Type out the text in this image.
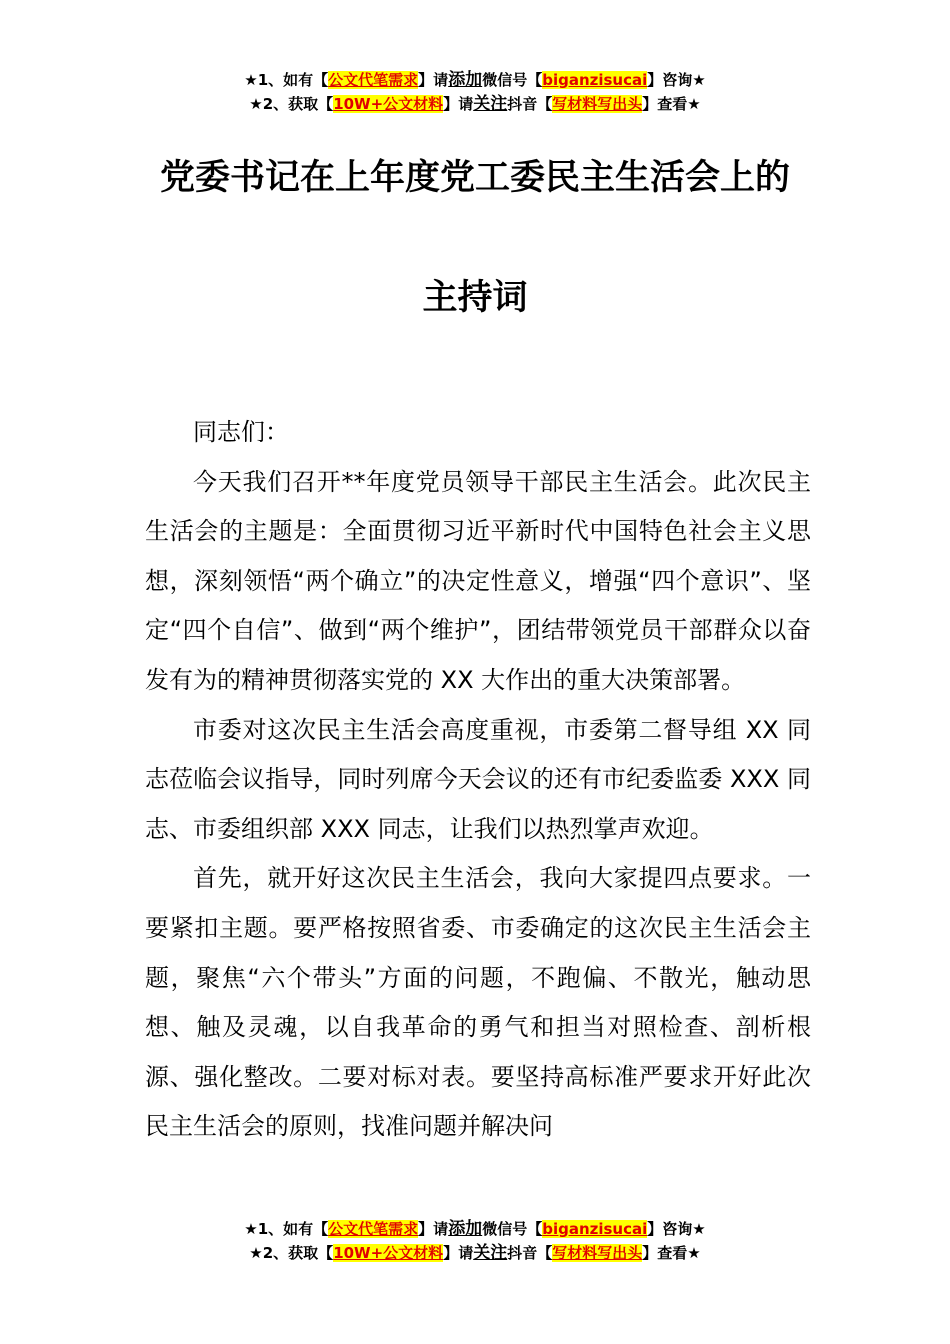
★1、如有【公文代笔需求】请添加微信号【biganzisucai】咨询★
★2、获取【10W+公文材料】请关注抖音【写材料写出头】查看★
党委书记在上年度党工委民主生活会上的
主持词

同志们：

今天我们召开**年度党员领导干部民主生活会。此次民主生活会的主题是：全面贯彻习近平新时代中国特色社会主义思想，深刻领悟“两个确立”的决定性意义，增强“四个意识”、坚定“四个自信”、做到“两个维护”，团结带领党员干部群众以奋发有为的精神贯彻落实党的 XX 大作出的重大决策部署。

市委对这次民主生活会高度重视，市委第二督导组 XX 同志莅临会议指导，同时列席今天会议的还有市纪委监委 XXX 同志、市委组织部 XXX 同志，让我们以热烈掌声欢迎。

首先，就开好这次民主生活会，我向大家提四点要求。一要紧扣主题。要严格按照省委、市委确定的这次民主生活会主题，聚焦“六个带头”方面的问题，不跑偏、不散光，触动思想、触及灵魂，以自我革命的勇气和担当对照检查、剖析根源、强化整改。二要对标对表。要坚持高标准严要求开好此次民主生活会的原则，找准问题并解决问

★1、如有【公文代笔需求】请添加微信号【biganzisucai】咨询★
★2、获取【10W+公文材料】请关注抖音【写材料写出头】查看★
